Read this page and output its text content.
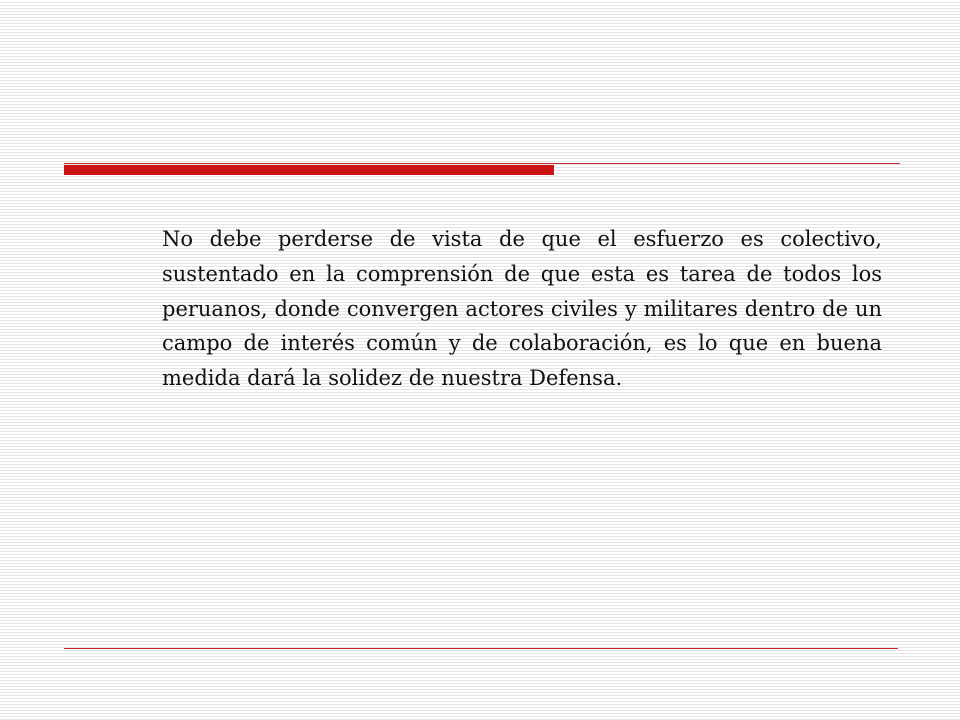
No debe perderse de vista de que el esfuerzo es colectivo, sustentado en la comprensión de que esta es tarea de todos los peruanos, donde convergen actores civiles y militares dentro de un campo de interés común y de colaboración, es lo que en buena medida dará la solidez de nuestra Defensa.
